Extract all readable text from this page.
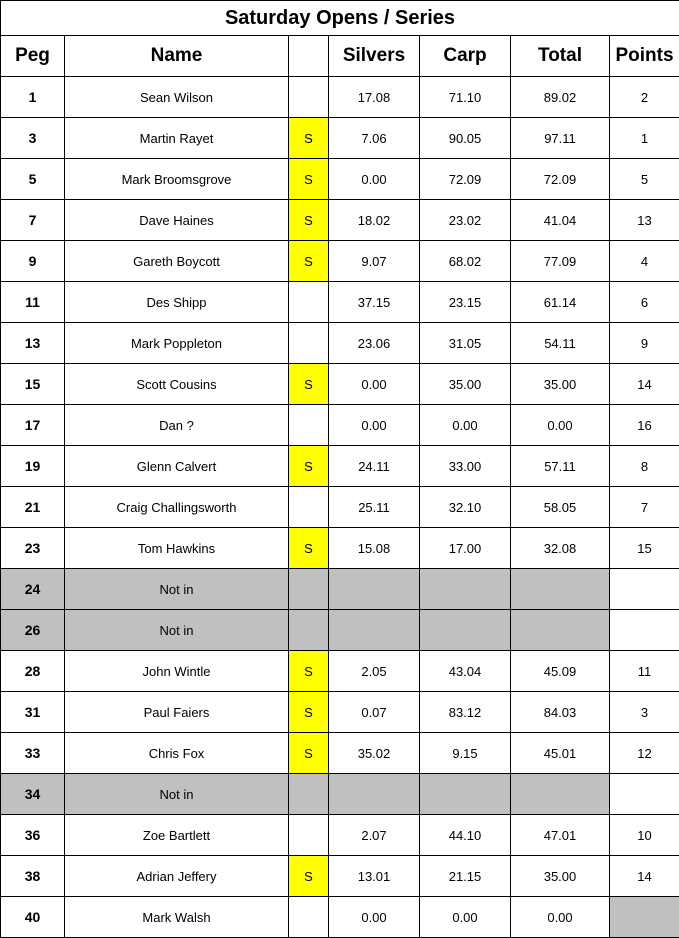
Saturday Opens / Series						
Peg	Name		Silvers	Carp	Total	Points
1	Sean Wilson		17.08	71.10	89.02	2
3	Martin Rayet	S	7.06	90.05	97.11	1
5	Mark Broomsgrove	S	0.00	72.09	72.09	5
7	Dave Haines	S	18.02	23.02	41.04	13
9	Gareth Boycott	S	9.07	68.02	77.09	4
11	Des Shipp		37.15	23.15	61.14	6
13	Mark Poppleton		23.06	31.05	54.11	9
15	Scott Cousins	S	0.00	35.00	35.00	14
17	Dan ?		0.00	0.00	0.00	16
19	Glenn Calvert	S	24.11	33.00	57.11	8
21	Craig Challingsworth		25.11	32.10	58.05	7
23	Tom Hawkins	S	15.08	17.00	32.08	15
24	Not in					
26	Not in					
28	John Wintle	S	2.05	43.04	45.09	11
31	Paul Faiers	S	0.07	83.12	84.03	3
33	Chris Fox	S	35.02	9.15	45.01	12
34	Not in					
36	Zoe Bartlett		2.07	44.10	47.01	10
38	Adrian Jeffery	S	13.01	21.15	35.00	14
40	Mark Walsh		0.00	0.00	0.00	
